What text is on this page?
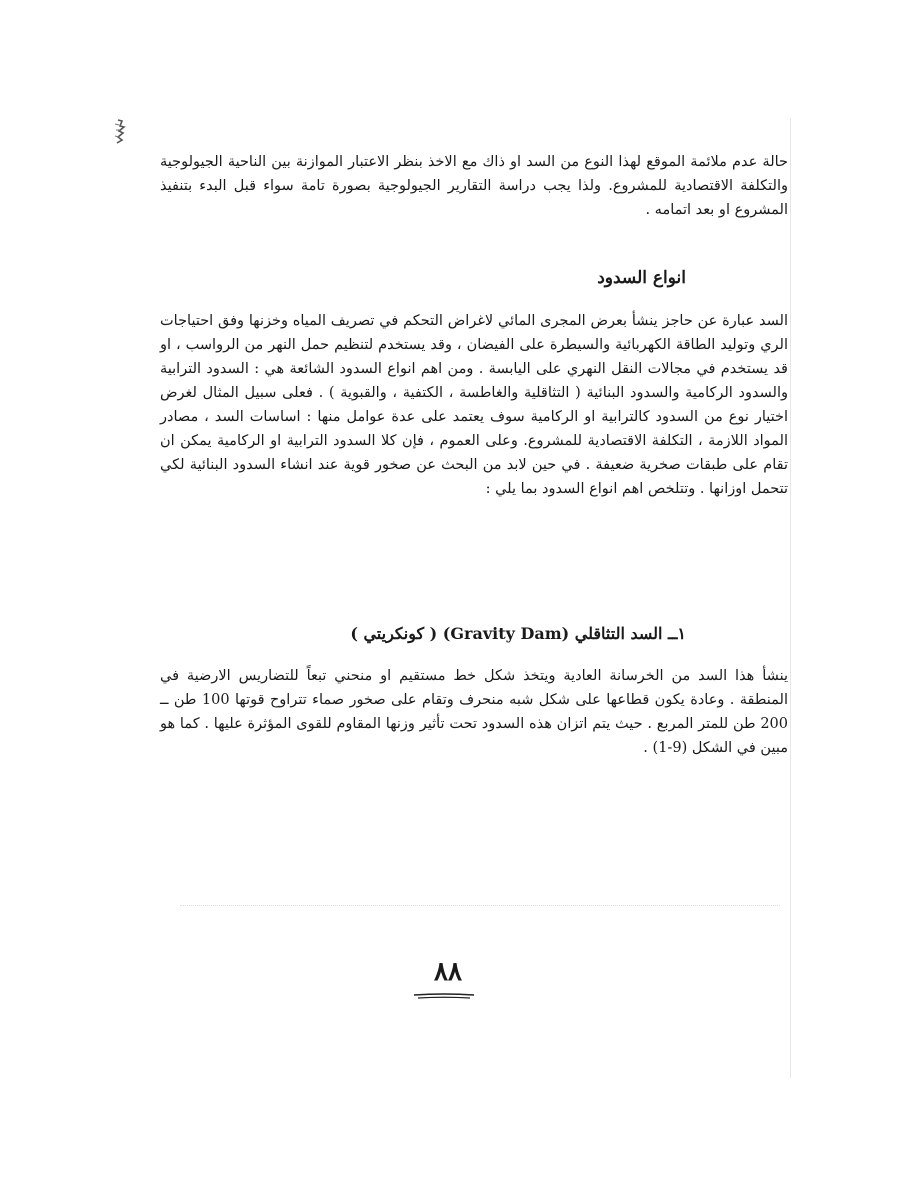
حالة عدم ملائمة الموقع لهذا النوع من السد او ذاك مع الاخذ بنظر الاعتبار الموازنة بين الناحية الجيولوجية والتكلفة الاقتصادية للمشروع. ولذا يجب دراسة التقارير الجيولوجية بصورة تامة سواء قبل البدء بتنفيذ المشروع او بعد اتمامه .

انواع السدود

السد عبارة عن حاجز ينشأ بعرض المجرى المائي لاغراض التحكم في تصريف المياه وخزنها وفق احتياجات الري وتوليد الطاقة الكهربائية والسيطرة على الفيضان ، وقد يستخدم لتنظيم حمل النهر من الرواسب ، او قد يستخدم في مجالات النقل النهري على اليابسة . ومن اهم انواع السدود الشائعة هي : السدود الترابية والسدود الركامية والسدود البنائية ( التثاقلية والغاطسة ، الكتفية ، والقبوية ) . فعلى سبيل المثال لغرض اختيار نوع من السدود كالترابية او الركامية سوف يعتمد على عدة عوامل منها : اساسات السد ، مصادر المواد اللازمة ، التكلفة الاقتصادية للمشروع. وعلى العموم ، فإن كلا السدود الترابية او الركامية يمكن ان تقام على طبقات صخرية ضعيفة . في حين لابد من البحث عن صخور قوية عند انشاء السدود البنائية لكي تتحمل اوزانها . وتتلخص اهم انواع السدود بما يلي :

١ــ السد التثاقلي (Gravity Dam) ( كونكريتي )

ينشأ هذا السد من الخرسانة العادية ويتخذ شكل خط مستقيم او منحني تبعاً للتضاريس الارضية في المنطقة . وعادة يكون قطاعها على شكل شبه منحرف وتقام على صخور صماء تتراوح قوتها 100 طن ــ 200 طن للمتر المربع . حيث يتم اتزان هذه السدود تحت تأثير وزنها المقاوم للقوى المؤثرة عليها . كما هو مبين في الشكل (9-1) .

٨٨
